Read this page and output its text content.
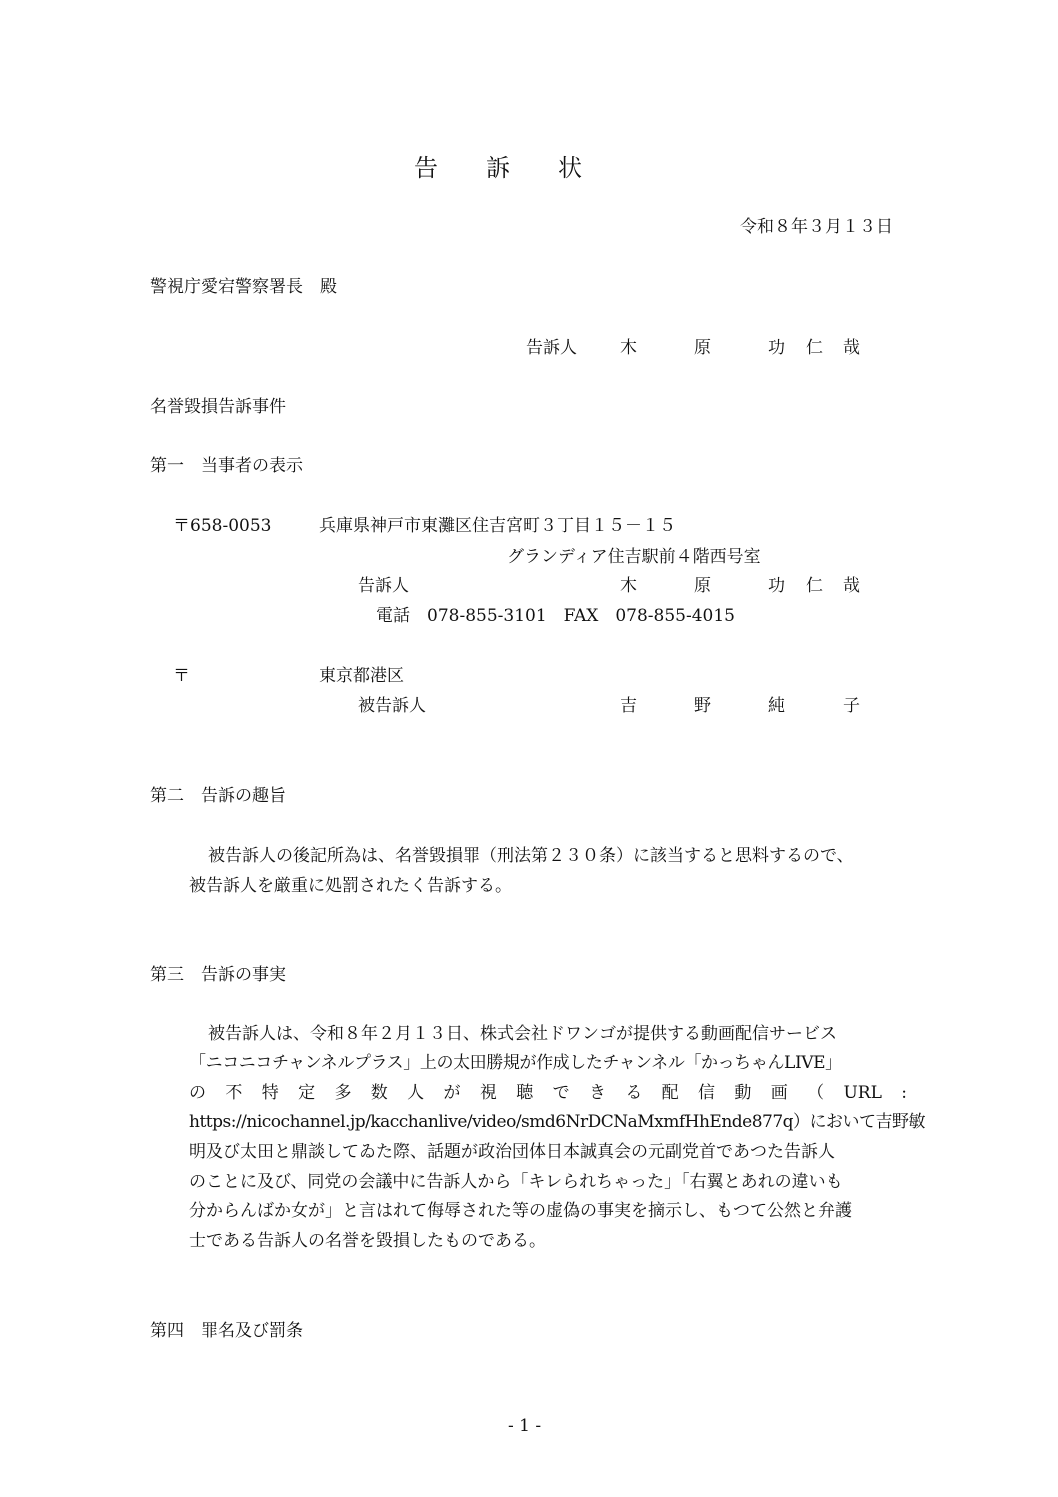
告 訴 状
令和８年３月１３日
警視庁愛宕警察署長　殿
告訴人	木	原	功 仁 哉
名誉毀損告訴事件
第一　当事者の表示
〒658-0053	兵庫県神戸市東灘区住吉宮町３丁目１５－１５
グランディア住吉駅前４階西号室
告訴人	木	原	功 仁 哉
電話　078-855-3101　FAX　078-855-4015
〒	東京都港区
被告訴人	吉	野	純	子
第二　告訴の趣旨
被告訴人の後記所為は、名誉毀損罪（刑法第２３０条）に該当すると思料するので、
被告訴人を厳重に処罰されたく告訴する。
第三　告訴の事実
被告訴人は、令和８年２月１３日、株式会社ドワンゴが提供する動画配信サービス
「ニコニコチャンネルプラス」上の太田勝規が作成したチャンネル「かっちゃんLIVE」
の 不 特 定 多 数 人 が 視 聴 で き る 配 信 動 画 （ URL :
https://nicochannel.jp/kacchanlive/video/smd6NrDCNaMxmfHhEnde877q）において吉野敏
明及び太田と鼎談してゐた際、話題が政治団体日本誠真会の元副党首であつた告訴人
のことに及び、同党の会議中に告訴人から「キレられちゃった」「右翼とあれの違いも
分からんばか女が」と言はれて侮辱された等の虚偽の事実を摘示し、もつて公然と弁護
士である告訴人の名誉を毀損したものである。
第四　罪名及び罰条
- 1 -
